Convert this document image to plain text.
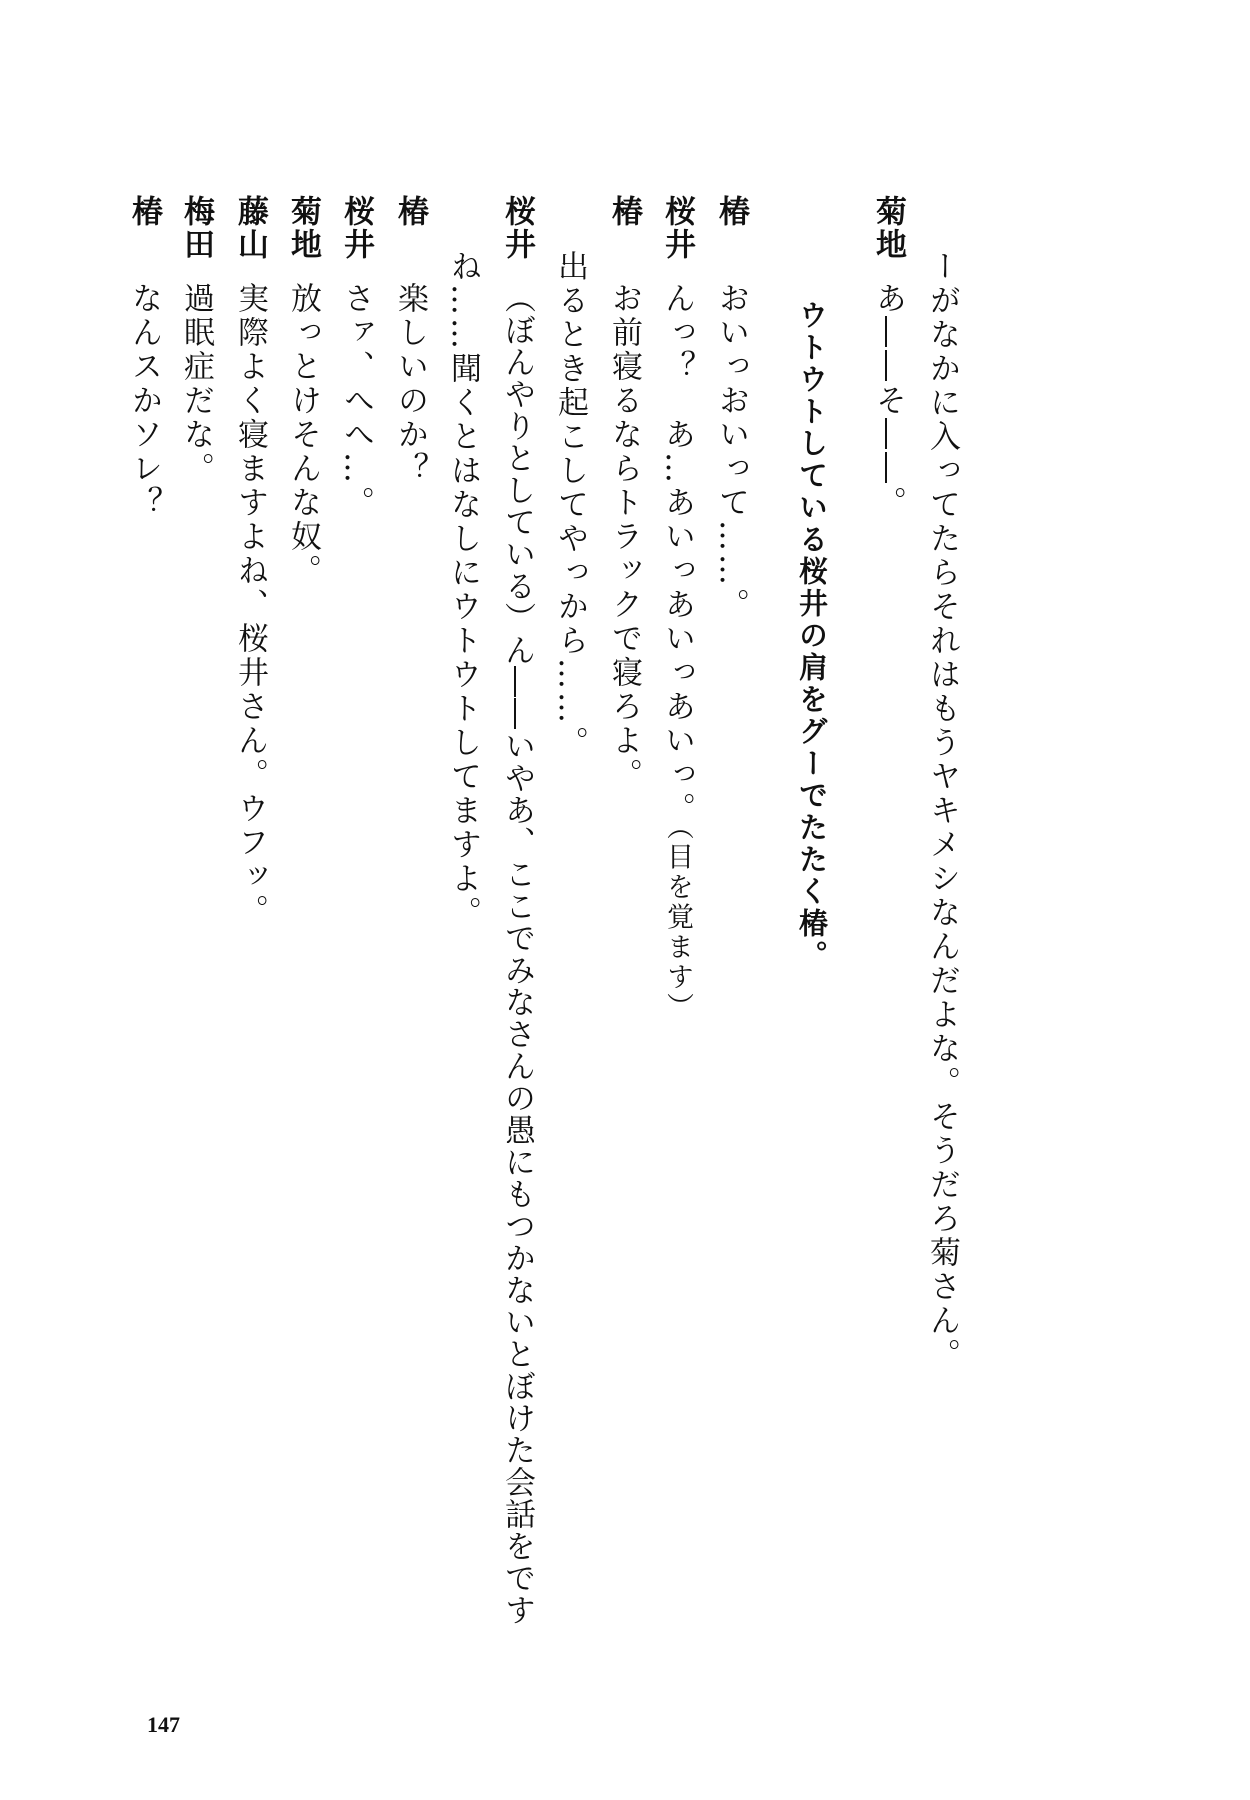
ーがなかに入ってたらそれはもうヤキメシなんだよな。そうだろ菊さん。
菊地
あ――そ――。
ウトウトしている桜井の肩をグーでたたく椿。
椿
おいっおいって……。
桜井
んっ？　あ…あいっあいっあいっ。（目を覚ます）
椿
お前寝るならトラックで寝ろよ。
出るとき起こしてやっから……。
桜井
（ぼんやりとしている）ん――いやあ、ここでみなさんの愚にもつかないとぼけた会話をです
ね……聞くとはなしにウトウトしてますよ。
椿
楽しいのか？
桜井
さァ、へへ…。
菊地
放っとけそんな奴。
藤山
実際よく寝ますよね、桜井さん。ウフッ。
梅田
過眠症だな。
椿
なんスかソレ？
147
